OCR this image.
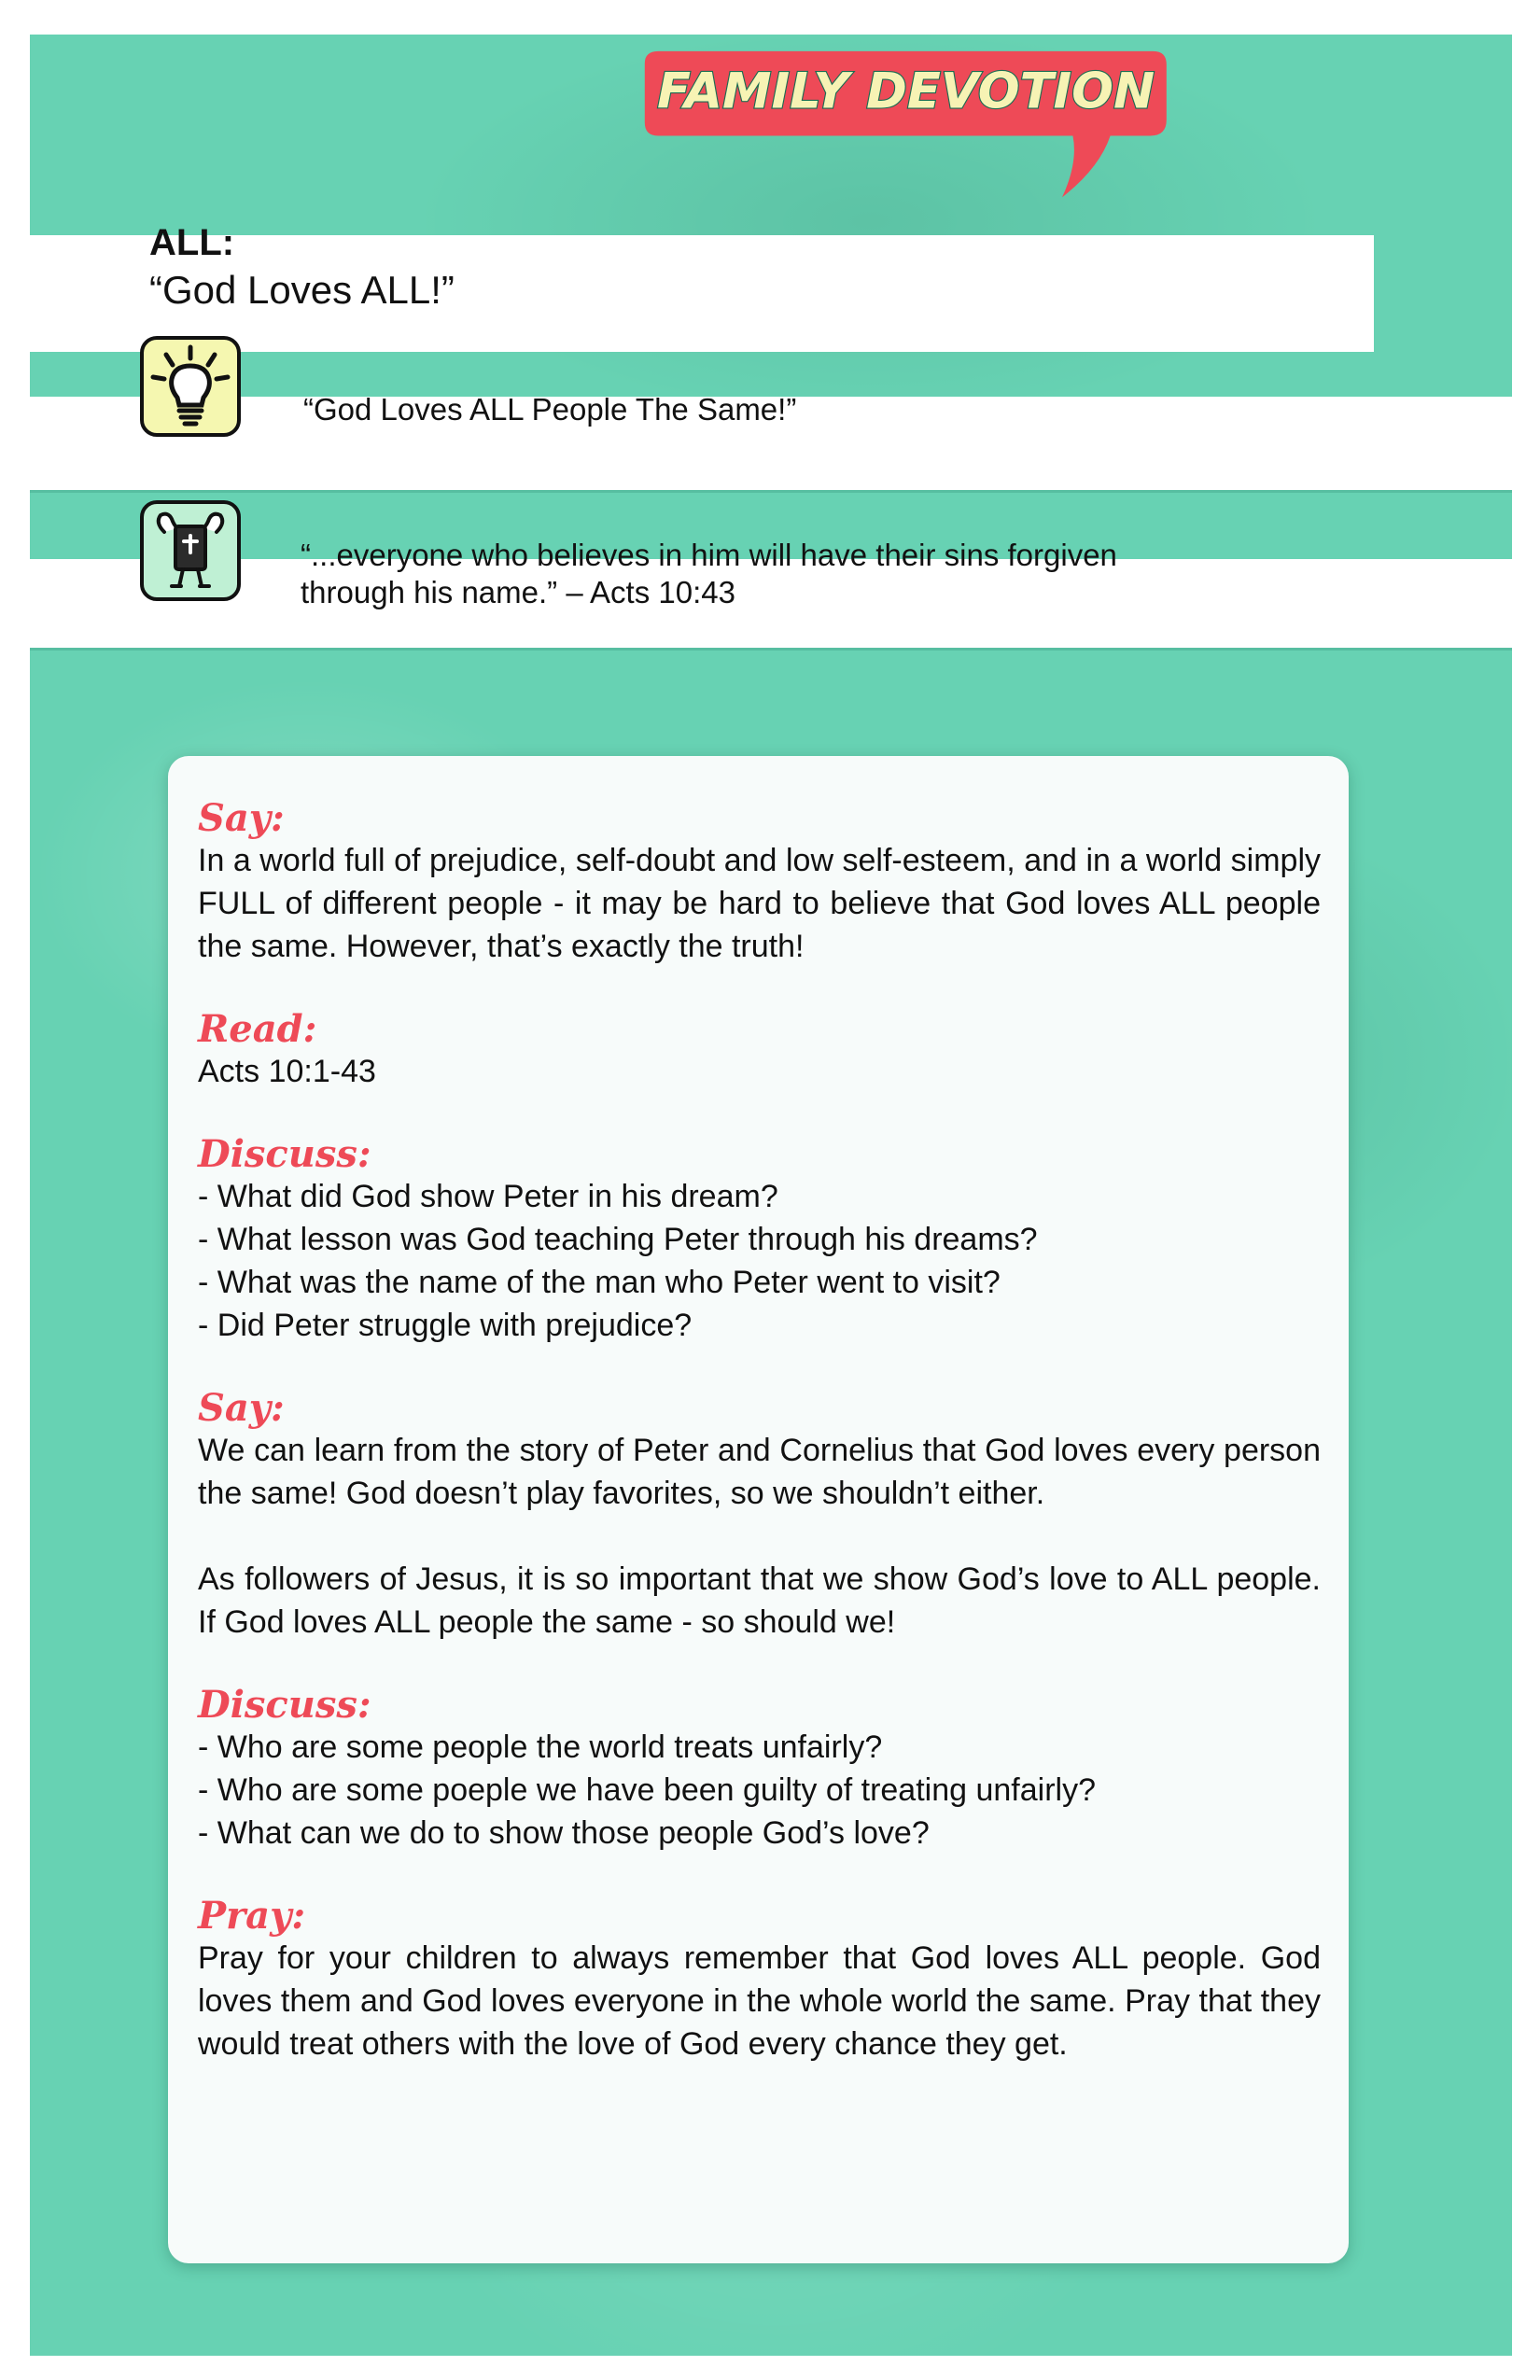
FAMILY DEVOTION
ALL:
“God Loves ALL!”
“God Loves ALL People The Same!”
“...everyone who believes in him will have their sins forgiven
through his name.” – Acts 10:43
Say:

In a world full of prejudice, self-doubt and low self-esteem, and in a world simply FULL of different people - it may be hard to believe that God loves ALL people the same. However, that’s exactly the truth!

Read:

Acts 10:1-43

Discuss:
- What did God show Peter in his dream?
- What lesson was God teaching Peter through his dreams?
- What was the name of the man who Peter went to visit?
- Did Peter struggle with prejudice?
Say:

We can learn from the story of Peter and Cornelius that God loves every person the same! God doesn’t play favorites, so we shouldn’t either.

As followers of Jesus, it is so important that we show God’s love to ALL people. If God loves ALL people the same - so should we!

Discuss:
- Who are some people the world treats unfairly?
- Who are some poeple we have been guilty of treating unfairly?
- What can we do to show those people God’s love?
Pray:

Pray for your children to always remember that God loves ALL people. God loves them and God loves everyone in the whole world the same. Pray that they would treat others with the love of God every chance they get.
